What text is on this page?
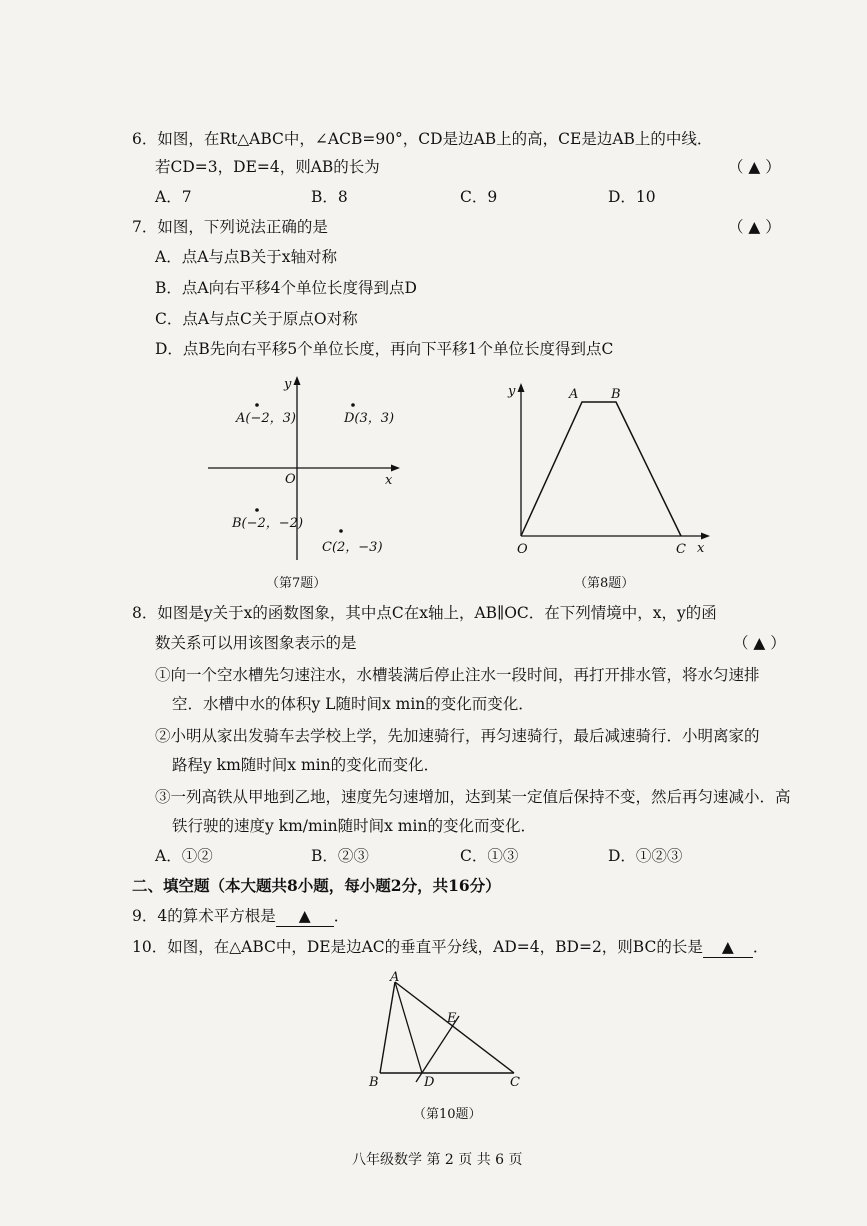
6．如图，在Rt△ABC中，∠ACB=90°，CD是边AB上的高，CE是边AB上的中线．
若CD=3，DE=4，则AB的长为	（ ▲ ）
A．7	B．8	C．9	D．10
7．如图，下列说法正确的是	（ ▲ ）
A．点A与点B关于x轴对称
B．点A向右平移4个单位长度得到点D
C．点A与点C关于原点O对称
D．点B先向右平移5个单位长度，再向下平移1个单位长度得到点C
y
x
O
A(−2，3)	D(3，3)
B(−2，−2)
C(2，−3)
（第7题）
y
x
O
A	B
C
（第8题）
8．如图是y关于x的函数图象，其中点C在x轴上，AB∥OC．在下列情境中，x，y的函
数关系可以用该图象表示的是	（ ▲ ）
①向一个空水槽先匀速注水，水槽装满后停止注水一段时间，再打开排水管，将水匀速排
空．水槽中水的体积y L随时间x min的变化而变化．
②小明从家出发骑车去学校上学，先加速骑行，再匀速骑行，最后减速骑行．小明离家的
路程y km随时间x min的变化而变化．
③一列高铁从甲地到乙地，速度先匀速增加，达到某一定值后保持不变，然后再匀速减小．高
铁行驶的速度y km/min随时间x min的变化而变化．
A．①②	B．②③	C．①③	D．①②③
二、填空题（本大题共8小题，每小题2分，共16分）
9．4的算术平方根是 ▲ ．
10．如图，在△ABC中，DE是边AC的垂直平分线，AD=4，BD=2，则BC的长是 ▲ ．
A
B	C
D
E
（第10题）
八年级数学 第 2 页 共 6 页
